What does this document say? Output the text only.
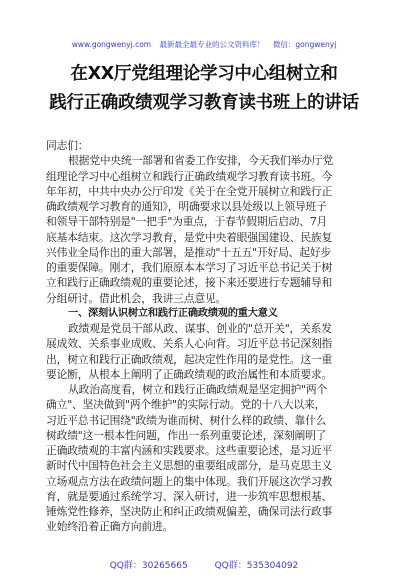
www.gongwenyj.com 最新最全最专业的公文资料库！ 微信：gongwenyj
在XX厅党组理论学习中心组树立和
践行正确政绩观学习教育读书班上的讲话
同志们：
根据党中央统一部署和省委工作安排，今天我们举办厅党
组理论学习中心组树立和践行正确政绩观学习教育读书班。今
年年初，中共中央办公厅印发《关于在全党开展树立和践行正
确政绩观学习教育的通知》，明确要求以县处级以上领导班子
和领导干部特别是"一把手"为重点，于春节假期后启动、7月
底基本结束。这次学习教育，是党中央着眼强国建设、民族复
兴伟业全局作出的重大部署，是推动"十五五"开好局、起好步
的重要保障。刚才，我们原原本本学习了习近平总书记关于树
立和践行正确政绩观的重要论述，接下来还要进行专题辅导和
分组研讨。借此机会，我讲三点意见。
一、深刻认识树立和践行正确政绩观的重大意义
政绩观是党员干部从政、谋事、创业的"总开关"，关系发
展成效、关系事业成败、关系人心向背。习近平总书记深刻指
出，树立和践行正确政绩观，起决定性作用的是党性。这一重
要论断，从根本上阐明了正确政绩观的政治属性和本质要求。
从政治高度看，树立和践行正确政绩观是坚定拥护"两个
确立"、坚决做到"两个维护"的实际行动。党的十八大以来，
习近平总书记围绕"政绩为谁而树、树什么样的政绩、靠什么
树政绩"这一根本性问题，作出一系列重要论述，深刻阐明了
正确政绩观的丰富内涵和实践要求。这些重要论述，是习近平
新时代中国特色社会主义思想的重要组成部分，是马克思主义
立场观点方法在政绩问题上的集中体现。我们开展这次学习教
育，就是要通过系统学习、深入研讨，进一步筑牢思想根基、
锤炼党性修养，坚决防止和纠正政绩观偏差，确保司法行政事
业始终沿着正确方向前进。
QQ群：30265665	QQ群：535304092
